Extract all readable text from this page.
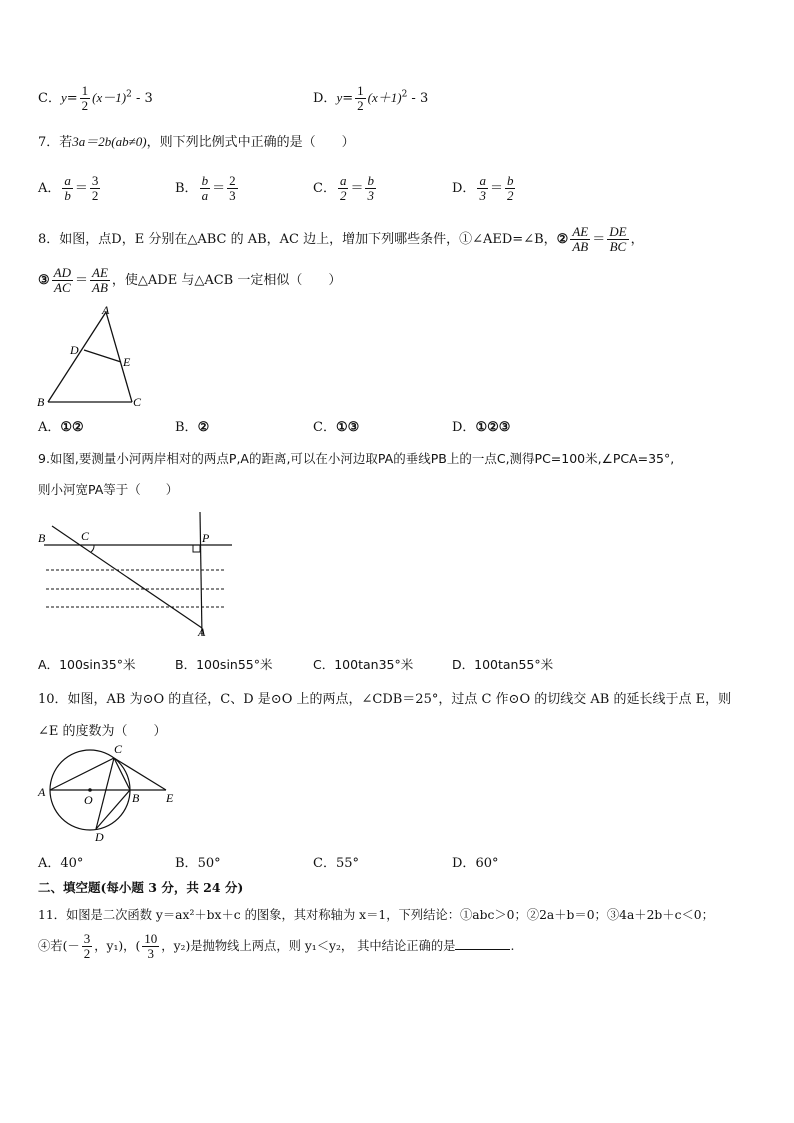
C．$y= \frac{1}{2} (x-1)^2 - 3$	D．$y= \frac{1}{2} (x+1)^2 - 3$
7．若3a＝2b(ab≠0)，则下列比例式中正确的是（　　）
A． $\frac{a}{b} = \frac{3}{2}$	B． $\frac{b}{a} = \frac{2}{3}$	C． $\frac{a}{2} = \frac{b}{3}$	D． $\frac{a}{3} = \frac{b}{2}$
8．如图，点D，E 分别在△ABC 的 AB，AC 边上，增加下列哪些条件，①∠AED=∠B，② $\frac{AE}{AB} = \frac{DE}{BC}$ ，
③ $\frac{AD}{AC} = \frac{AE}{AB}$ ，使△ADE 与△ACB 一定相似（　　）
A
B	C
D
E
A．①②	B．②	C．①③	D．①②③
9.如图,要测量小河两岸相对的两点P,A的距离,可以在小河边取PA的垂线PB上的一点C,测得PC=100米,∠PCA=35°,
则小河宽PA等于（　　）
B	C	P
A
A．100sin35°米	B．100sin55°米	C．100tan35°米	D．100tan55°米
10．如图，AB 为⊙O 的直径，C、D 是⊙O 上的两点，∠CDB＝25°，过点 C 作⊙O 的切线交 AB 的延长线于点 E，则
∠E 的度数为（　　）
A	B
C
D
E
O
A．40°	B．50°	C．55°	D．60°
二、填空题(每小题 3 分，共 24 分)
11．如图是二次函数 y＝ax²＋bx＋c 的图象，其对称轴为 x＝1，下列结论：①abc＞0；②2a＋b＝0；③4a＋2b＋c＜0；
④若(－ $\frac{3}{2}$ ，y₁)，( $\frac{10}{3}$ ，y₂)是抛物线上两点，则 y₁＜y₂， 其中结论正确的是	.
